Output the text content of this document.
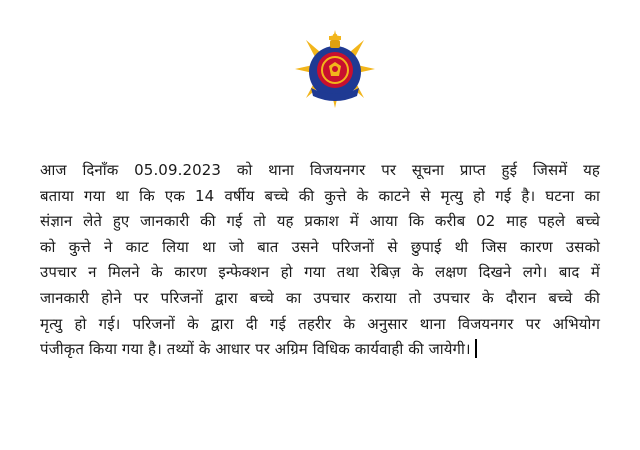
आज दिनाँक 05.09.2023 को थाना विजयनगर पर सूचना प्राप्त हुई जिसमें यह
बताया गया था कि एक 14 वर्षीय बच्चे की कुत्ते के काटने से मृत्यु हो गई है। घटना का
संज्ञान लेते हुए जानकारी की गई तो यह प्रकाश में आया कि करीब 02 माह पहले बच्चे
को कुत्ते ने काट लिया था जो बात उसने परिजनों से छुपाई थी जिस कारण उसको
उपचार न मिलने के कारण इन्फेक्शन हो गया तथा रेबिज़ के लक्षण दिखने लगे। बाद में
जानकारी होने पर परिजनों द्वारा बच्चे का उपचार कराया तो उपचार के दौरान बच्चे की
मृत्यु हो गई। परिजनों के द्वारा दी गई तहरीर के अनुसार थाना विजयनगर पर अभियोग
पंजीकृत किया गया है। तथ्यों के आधार पर अग्रिम विधिक कार्यवाही की जायेगी।
